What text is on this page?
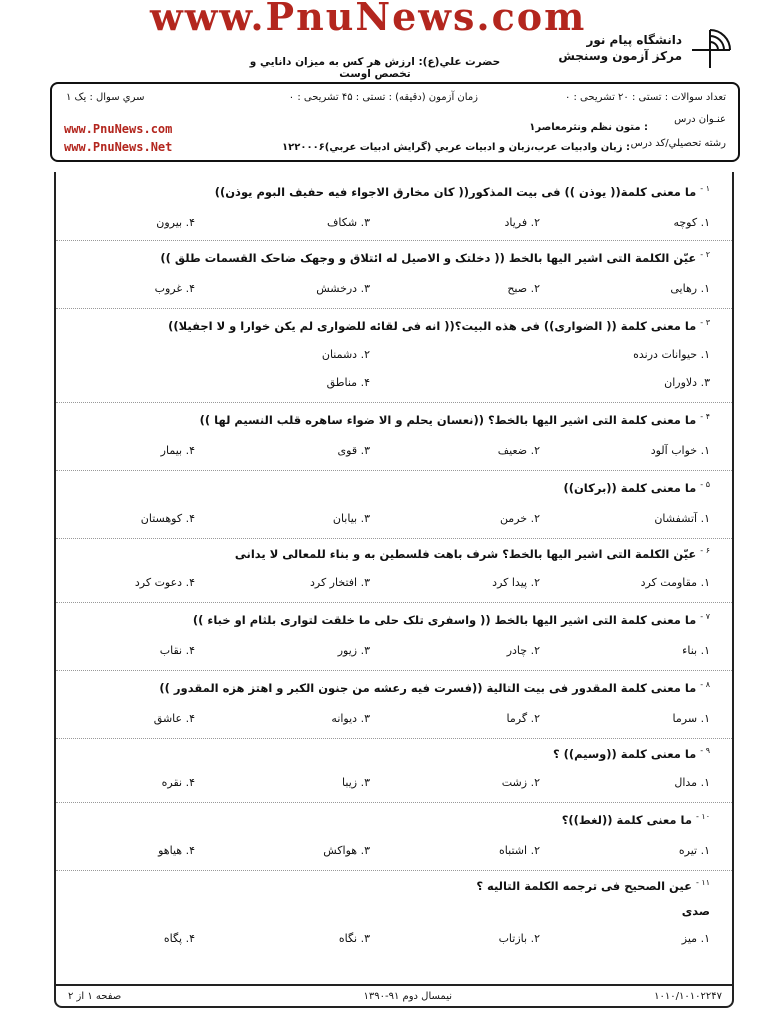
www.PnuNews.com
حضرت علي(ع): ارزش هر كس به ميزان دانايي و تخصص اوست
دانشگاه پيام نور
مركز آزمون وسنجش
تعداد سوالات : تستی : ۲۰ تشريحی : ۰
زمان آزمون (دقيقه) : تستی : ۴۵ تشريحی : ۰
سري سوال : يک ۱
عنـوان درس
: متون نظم ونثرمعاصر۱
رشته تحصيلي/كد درس
: زبان وادبيات عرب،زبان و ادبيات عربي (گرايش ادبيات عربي)۱۲۲۰۰۰۶
www.PnuNews.com
www.PnuNews.Net
$^{۱ -}$ما معنی کلمة(( يوذن )) فی بيت المذکور(( کان مخارق الاجواء فيه حفيف البوم يوذن))
۱. کوچه
۲. فرياد
۳. شکاف
۴. بيرون
$^{۲ -}$عيّن الکلمة التی اشير اليها بالخط (( دخلتک و الاصيل له ائتلاق و وجهک ضاحک القسمات طلق ))
۱. رهايی
۲. صبح
۳. درخشش
۴. غروب
$^{۳ -}$ما معنی کلمة (( الضواری)) فی هذه البيت؟(( انه فی لقائه للضواری لم يکن خوارا و لا اجفيلا))
۱. حيوانات درنده
۲. دشمنان
۳. دلاوران
۴. مناطق
$^{۴ -}$ما معنی کلمة التی اشير اليها بالخط؟ ((نعسان يحلم و الا ضواء ساهره قلب النسيم لها ))
۱. خواب آلود
۲. ضعيف
۳. قوی
۴. بيمار
$^{۵ -}$ما معنی کلمة ((برکان))
۱. آتشفشان
۲. خرمن
۳. بيابان
۴. کوهستان
$^{۶ -}$عيّن الکلمة التی اشير اليها بالخط؟ شرف باهت فلسطين به و بناء للمعالی لا يدانی
۱. مقاومت کرد
۲. پيدا کرد
۳. افتخار کرد
۴. دعوت کرد
$^{۷ -}$ما معنی کلمة التی اشير اليها بالخط (( واسفری تلک حلی ما خلقت لتواری بلثام او خباء ))
۱. بناء
۲. چادر
۳. زيور
۴. نقاب
$^{۸ -}$ما معنی کلمة المقدور فی بيت التالية ((فسرت فيه رعشه من جنون الکبر و اهتز هزه المقدور ))
۱. سرما
۲. گرما
۳. ديوانه
۴. عاشق
$^{۹ -}$ما معنی کلمة ((وسيم)) ؟
۱. مدال
۲. زشت
۳. زيبا
۴. نقره
$^{۱۰ -}$ما معنی کلمة ((لغط))؟
۱. تيره
۲. اشتباه
۳. هواکش
۴. هياهو
$^{۱۱ -}$عين الصحيح فی ترجمه الکلمة التاليه ؟
صدی
۱. ميز
۲. بازتاب
۳. نگاه
۴. پگاه
۱۰۱۰/۱۰۱۰۲۲۴۷
نيمسال دوم ۹۱-۱۳۹۰
صفحه ۱ از ۲
